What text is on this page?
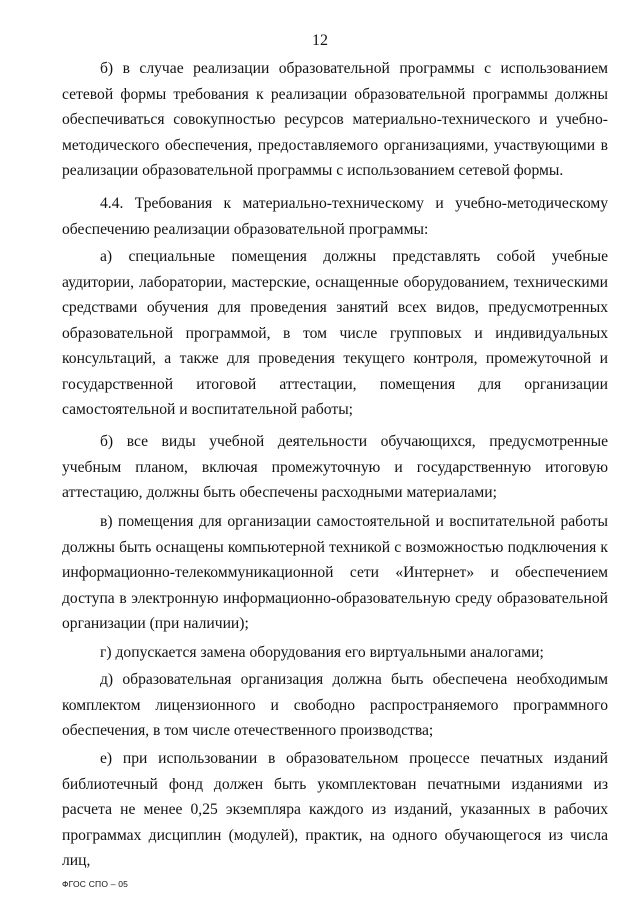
12

б) в случае реализации образовательной программы с использованием сетевой формы требования к реализации образовательной программы должны обеспечиваться совокупностью ресурсов материально-технического и учебно-методического обеспечения, предоставляемого организациями, участвующими в реализации образовательной программы с использованием сетевой формы.

4.4. Требования к материально-техническому и учебно-методическому обеспечению реализации образовательной программы:

а) специальные помещения должны представлять собой учебные аудитории, лаборатории, мастерские, оснащенные оборудованием, техническими средствами обучения для проведения занятий всех видов, предусмотренных образовательной программой, в том числе групповых и индивидуальных консультаций, а также для проведения текущего контроля, промежуточной и государственной итоговой аттестации, помещения для организации самостоятельной и воспитательной работы;

б) все виды учебной деятельности обучающихся, предусмотренные учебным планом, включая промежуточную и государственную итоговую аттестацию, должны быть обеспечены расходными материалами;

в) помещения для организации самостоятельной и воспитательной работы должны быть оснащены компьютерной техникой с возможностью подключения к информационно-телекоммуникационной сети «Интернет» и обеспечением доступа в электронную информационно-образовательную среду образовательной организации (при наличии);

г) допускается замена оборудования его виртуальными аналогами;

д) образовательная организация должна быть обеспечена необходимым комплектом лицензионного и свободно распространяемого программного обеспечения, в том числе отечественного производства;

е) при использовании в образовательном процессе печатных изданий библиотечный фонд должен быть укомплектован печатными изданиями из расчета не менее 0,25 экземпляра каждого из изданий, указанных в рабочих программах дисциплин (модулей), практик, на одного обучающегося из числа лиц,

ФГОС СПО – 05
